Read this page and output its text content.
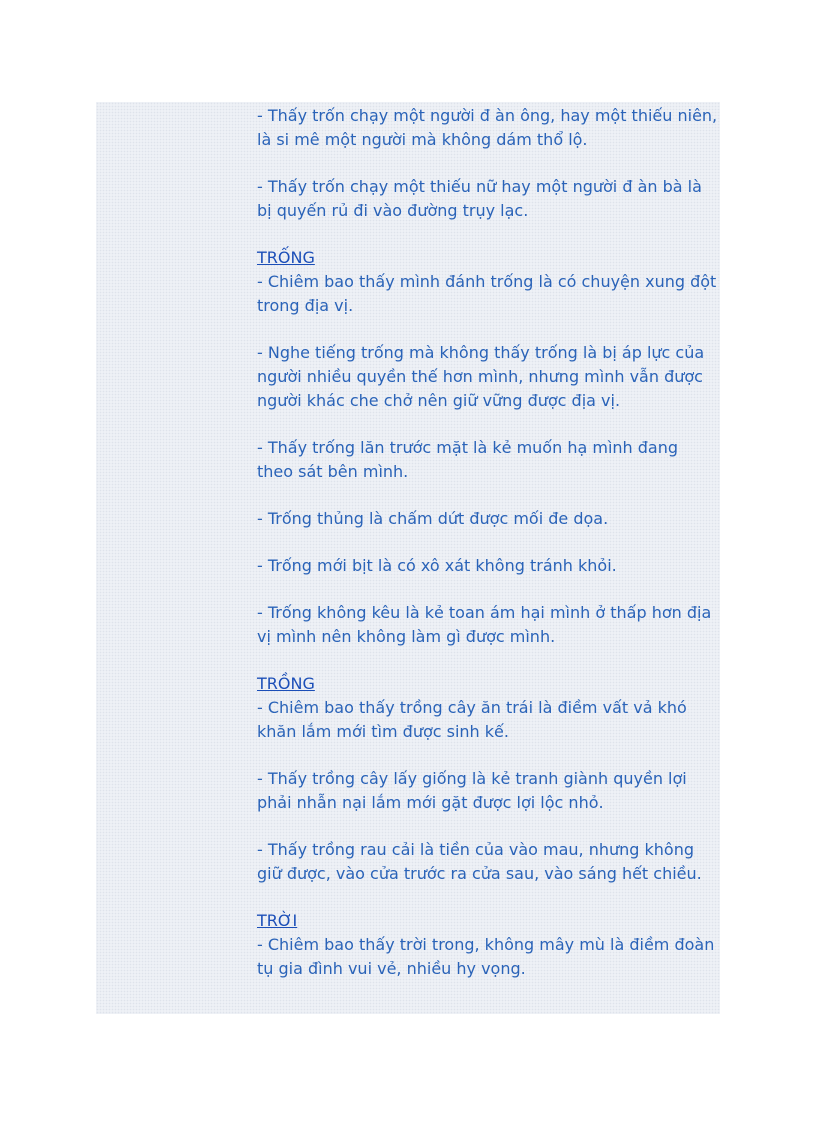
- Thấy trốn chạy một người đ àn ông, hay một thiếu niên, là si mê một người mà không dám thổ lộ.

- Thấy trốn chạy một thiếu nữ hay một người đ àn bà là bị quyến rủ đi vào đường trụy lạc.

TRỐNG

- Chiêm bao thấy mình đánh trống là có chuyện xung đột trong địa vị.

- Nghe tiếng trống mà không thấy trống là bị áp lực của người nhiều quyền thế hơn mình, nhưng mình vẫn được người khác che chở nên giữ vững được địa vị.

- Thấy trống lăn trước mặt là kẻ muốn hạ mình đang theo sát bên mình.

- Trống thủng là chấm dứt được mối đe dọa.

- Trống mới bịt là có xô xát không tránh khỏi.

- Trống không kêu là kẻ toan ám hại mình ở thấp hơn địa vị mình nên không làm gì được mình.

TRỒNG

- Chiêm bao thấy trồng cây ăn trái là điềm vất vả khó khăn lắm mới tìm được sinh kế.

- Thấy trồng cây lấy giống là kẻ tranh giành quyền lợi phải nhẫn nại lắm mới gặt được lợi lộc nhỏ.

- Thấy trồng rau cải là tiền của vào mau, nhưng không giữ được, vào cửa trước ra cửa sau, vào sáng hết chiều.

TRỜI

- Chiêm bao thấy trời trong, không mây mù là điềm đoàn tụ gia đình vui vẻ, nhiều hy vọng.
